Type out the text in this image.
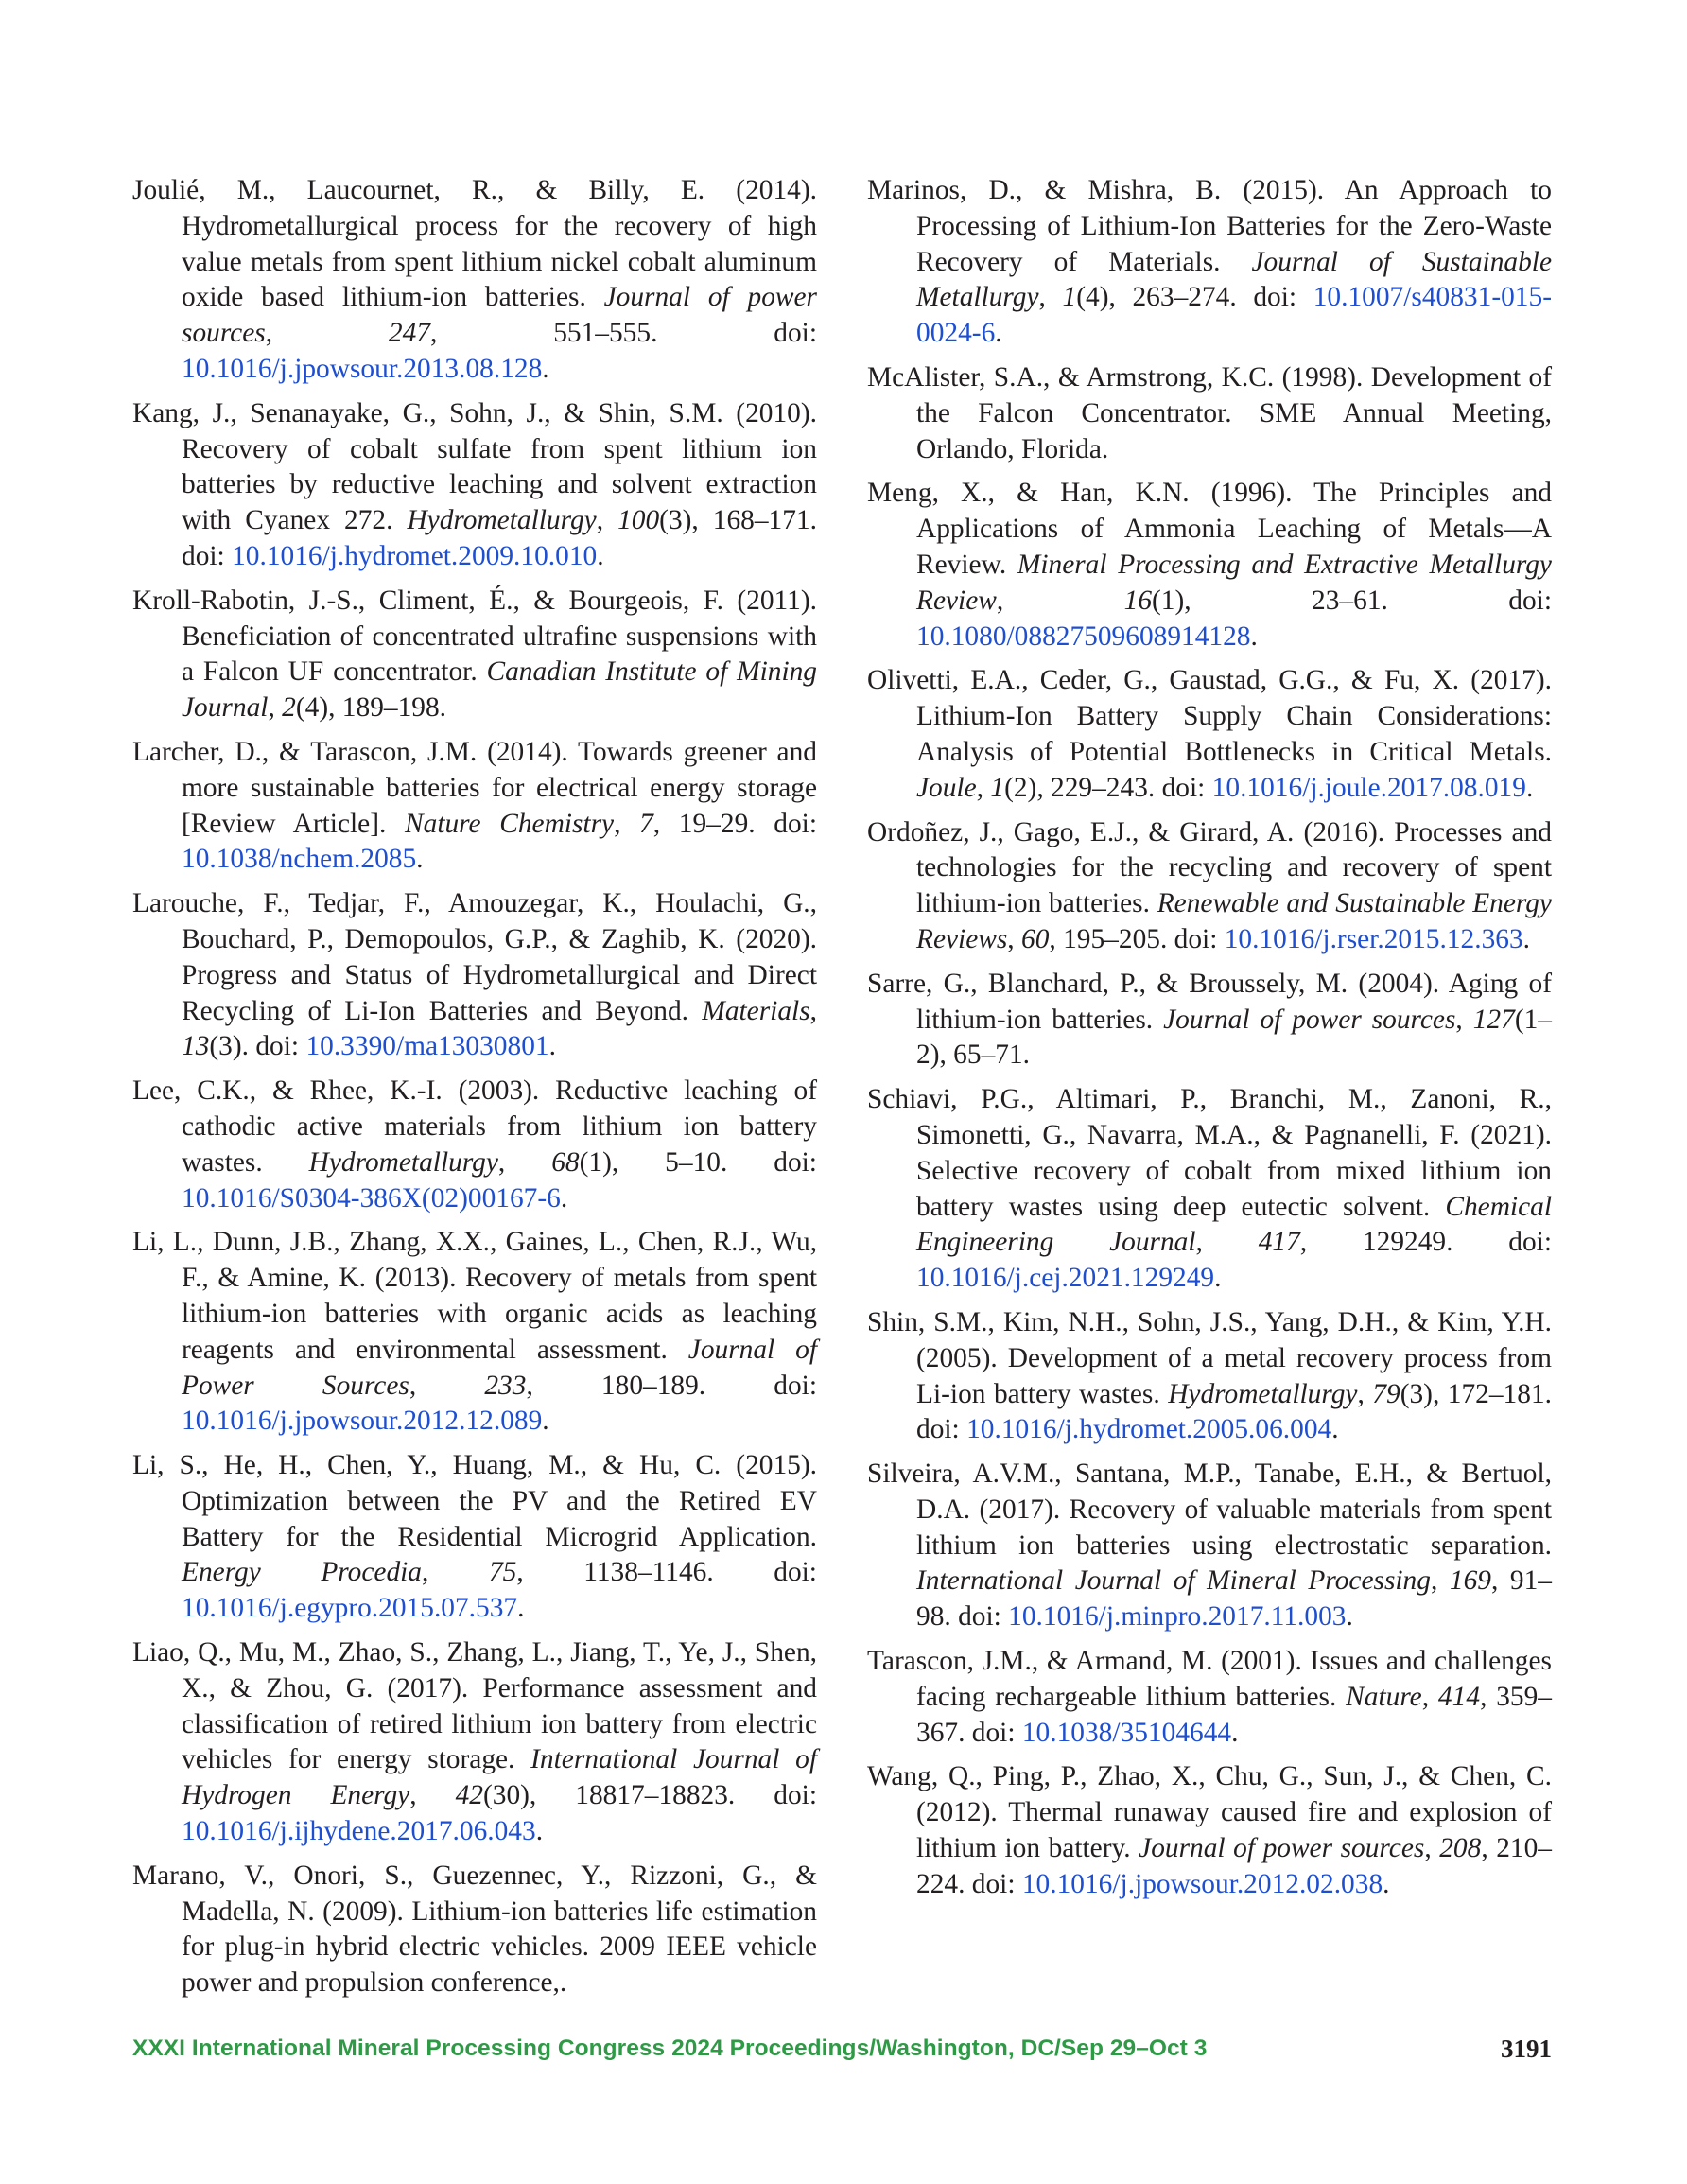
Joulié, M., Laucournet, R., & Billy, E. (2014). Hydrometallurgical process for the recovery of high value metals from spent lithium nickel cobalt aluminum oxide based lithium-ion batteries. Journal of power sources, 247, 551–555. doi: 10.1016/j.jpowsour.2013.08.128.

Kang, J., Senanayake, G., Sohn, J., & Shin, S.M. (2010). Recovery of cobalt sulfate from spent lithium ion batteries by reductive leaching and solvent extraction with Cyanex 272. Hydrometallurgy, 100(3), 168–171. doi: 10.1016/j.hydromet.2009.10.010.

Kroll-Rabotin, J.-S., Climent, É., & Bourgeois, F. (2011). Beneficiation of concentrated ultrafine suspensions with a Falcon UF concentrator. Canadian Institute of Mining Journal, 2(4), 189–198.

Larcher, D., & Tarascon, J.M. (2014). Towards greener and more sustainable batteries for electrical energy storage [Review Article]. Nature Chemistry, 7, 19–29. doi: 10.1038/nchem.2085.

Larouche, F., Tedjar, F., Amouzegar, K., Houlachi, G., Bouchard, P., Demopoulos, G.P., & Zaghib, K. (2020). Progress and Status of Hydrometallurgical and Direct Recycling of Li-Ion Batteries and Beyond. Materials, 13(3). doi: 10.3390/ma13030801.

Lee, C.K., & Rhee, K.-I. (2003). Reductive leaching of cathodic active materials from lithium ion battery wastes. Hydrometallurgy, 68(1), 5–10. doi: 10.1016/S0304-386X(02)00167-6.

Li, L., Dunn, J.B., Zhang, X.X., Gaines, L., Chen, R.J., Wu, F., & Amine, K. (2013). Recovery of metals from spent lithium-ion batteries with organic acids as leaching reagents and environmental assessment. Journal of Power Sources, 233, 180–189. doi: 10.1016/j.jpowsour.2012.12.089.

Li, S., He, H., Chen, Y., Huang, M., & Hu, C. (2015). Optimization between the PV and the Retired EV Battery for the Residential Microgrid Application. Energy Procedia, 75, 1138–1146. doi: 10.1016/j.egypro.2015.07.537.

Liao, Q., Mu, M., Zhao, S., Zhang, L., Jiang, T., Ye, J., Shen, X., & Zhou, G. (2017). Performance assessment and classification of retired lithium ion battery from electric vehicles for energy storage. International Journal of Hydrogen Energy, 42(30), 18817–18823. doi: 10.1016/j.ijhydene.2017.06.043.

Marano, V., Onori, S., Guezennec, Y., Rizzoni, G., & Madella, N. (2009). Lithium-ion batteries life estimation for plug-in hybrid electric vehicles. 2009 IEEE vehicle power and propulsion conference,.

Marinos, D., & Mishra, B. (2015). An Approach to Processing of Lithium-Ion Batteries for the Zero-Waste Recovery of Materials. Journal of Sustainable Metallurgy, 1(4), 263–274. doi: 10.1007/s40831-015-0024-6.

McAlister, S.A., & Armstrong, K.C. (1998). Development of the Falcon Concentrator. SME Annual Meeting, Orlando, Florida.

Meng, X., & Han, K.N. (1996). The Principles and Applications of Ammonia Leaching of Metals—A Review. Mineral Processing and Extractive Metallurgy Review, 16(1), 23–61. doi: 10.1080/08827509608914128.

Olivetti, E.A., Ceder, G., Gaustad, G.G., & Fu, X. (2017). Lithium-Ion Battery Supply Chain Considerations: Analysis of Potential Bottlenecks in Critical Metals. Joule, 1(2), 229–243. doi: 10.1016/j.joule.2017.08.019.

Ordoñez, J., Gago, E.J., & Girard, A. (2016). Processes and technologies for the recycling and recovery of spent lithium-ion batteries. Renewable and Sustainable Energy Reviews, 60, 195–205. doi: 10.1016/j.rser.2015.12.363.

Sarre, G., Blanchard, P., & Broussely, M. (2004). Aging of lithium-ion batteries. Journal of power sources, 127(1–2), 65–71.

Schiavi, P.G., Altimari, P., Branchi, M., Zanoni, R., Simonetti, G., Navarra, M.A., & Pagnanelli, F. (2021). Selective recovery of cobalt from mixed lithium ion battery wastes using deep eutectic solvent. Chemical Engineering Journal, 417, 129249. doi: 10.1016/j.cej.2021.129249.

Shin, S.M., Kim, N.H., Sohn, J.S., Yang, D.H., & Kim, Y.H. (2005). Development of a metal recovery process from Li-ion battery wastes. Hydrometallurgy, 79(3), 172–181. doi: 10.1016/j.hydromet.2005.06.004.

Silveira, A.V.M., Santana, M.P., Tanabe, E.H., & Bertuol, D.A. (2017). Recovery of valuable materials from spent lithium ion batteries using electrostatic separation. International Journal of Mineral Processing, 169, 91–98. doi: 10.1016/j.minpro.2017.11.003.

Tarascon, J.M., & Armand, M. (2001). Issues and challenges facing rechargeable lithium batteries. Nature, 414, 359–367. doi: 10.1038/35104644.

Wang, Q., Ping, P., Zhao, X., Chu, G., Sun, J., & Chen, C. (2012). Thermal runaway caused fire and explosion of lithium ion battery. Journal of power sources, 208, 210–224. doi: 10.1016/j.jpowsour.2012.02.038.

XXXI International Mineral Processing Congress 2024 Proceedings/Washington, DC/Sep 29–Oct 3	3191
